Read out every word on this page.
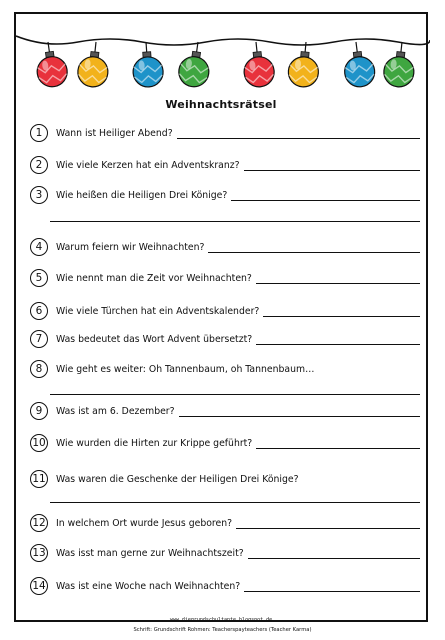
Weihnachtsrätsel
1	Wann ist Heiliger Abend?
2	Wie viele Kerzen hat ein Adventskranz?
3	Wie heißen die Heiligen Drei Könige?
4	Warum feiern wir Weihnachten?
5	Wie nennt man die Zeit vor Weihnachten?
6	Wie viele Türchen hat ein Adventskalender?
7	Was bedeutet das Wort Advent übersetzt?
8	Wie geht es weiter: Oh Tannenbaum, oh Tannenbaum…
9	Was ist am 6. Dezember?
10 Wie wurden die Hirten zur Krippe geführt?
11 Was waren die Geschenke der Heiligen Drei Könige?
12 In welchem Ort wurde Jesus geboren?
13 Was isst man gerne zur Weihnachtszeit?
14 Was ist eine Woche nach Weihnachten?
www.diegrundschultante.blogspot.de
Schrift: Grundschrift Rohmen: Teacherspayteachers (Teacher Karma)
